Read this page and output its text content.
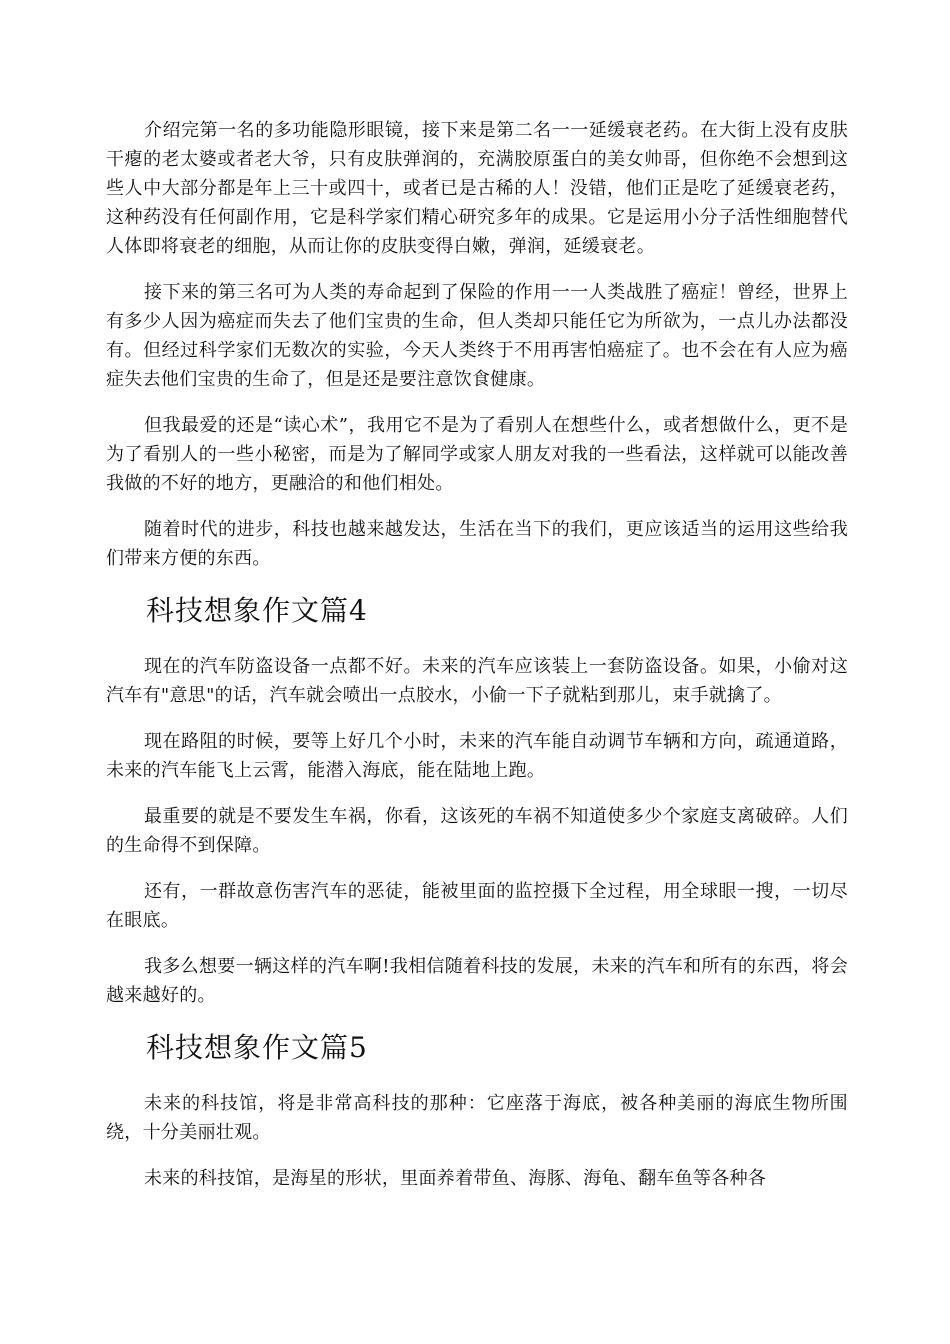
介绍完第一名的多功能隐形眼镜，接下来是第二名一一延缓衰老药。在大街上没有皮肤干瘪的老太婆或者老大爷，只有皮肤弹润的，充满胶原蛋白的美女帅哥，但你绝不会想到这些人中大部分都是年上三十或四十，或者已是古稀的人！没错，他们正是吃了延缓衰老药，这种药没有任何副作用，它是科学家们精心研究多年的成果。它是运用小分子活性细胞替代人体即将衰老的细胞，从而让你的皮肤变得白嫩，弹润，延缓衰老。

接下来的第三名可为人类的寿命起到了保险的作用一一人类战胜了癌症！曾经，世界上有多少人因为癌症而失去了他们宝贵的生命，但人类却只能任它为所欲为，一点儿办法都没有。但经过科学家们无数次的实验，今天人类终于不用再害怕癌症了。也不会在有人应为癌症失去他们宝贵的生命了，但是还是要注意饮食健康。

但我最爱的还是“读心术”，我用它不是为了看别人在想些什么，或者想做什么，更不是为了看别人的一些小秘密，而是为了解同学或家人朋友对我的一些看法，这样就可以能改善我做的不好的地方，更融洽的和他们相处。

随着时代的进步，科技也越来越发达，生活在当下的我们，更应该适当的运用这些给我们带来方便的东西。

科技想象作文篇4

现在的汽车防盗设备一点都不好。未来的汽车应该装上一套防盗设备。如果，小偷对这汽车有"意思"的话，汽车就会喷出一点胶水，小偷一下子就粘到那儿，束手就擒了。

现在路阻的时候，要等上好几个小时，未来的汽车能自动调节车辆和方向，疏通道路，未来的汽车能飞上云霄，能潜入海底，能在陆地上跑。

最重要的就是不要发生车祸，你看，这该死的车祸不知道使多少个家庭支离破碎。人们的生命得不到保障。

还有，一群故意伤害汽车的恶徒，能被里面的监控摄下全过程，用全球眼一搜，一切尽在眼底。

我多么想要一辆这样的汽车啊!我相信随着科技的发展，未来的汽车和所有的东西，将会越来越好的。

科技想象作文篇5

未来的科技馆，将是非常高科技的那种：它座落于海底，被各种美丽的海底生物所围绕，十分美丽壮观。

未来的科技馆，是海星的形状，里面养着带鱼、海豚、海龟、翻车鱼等各种各
